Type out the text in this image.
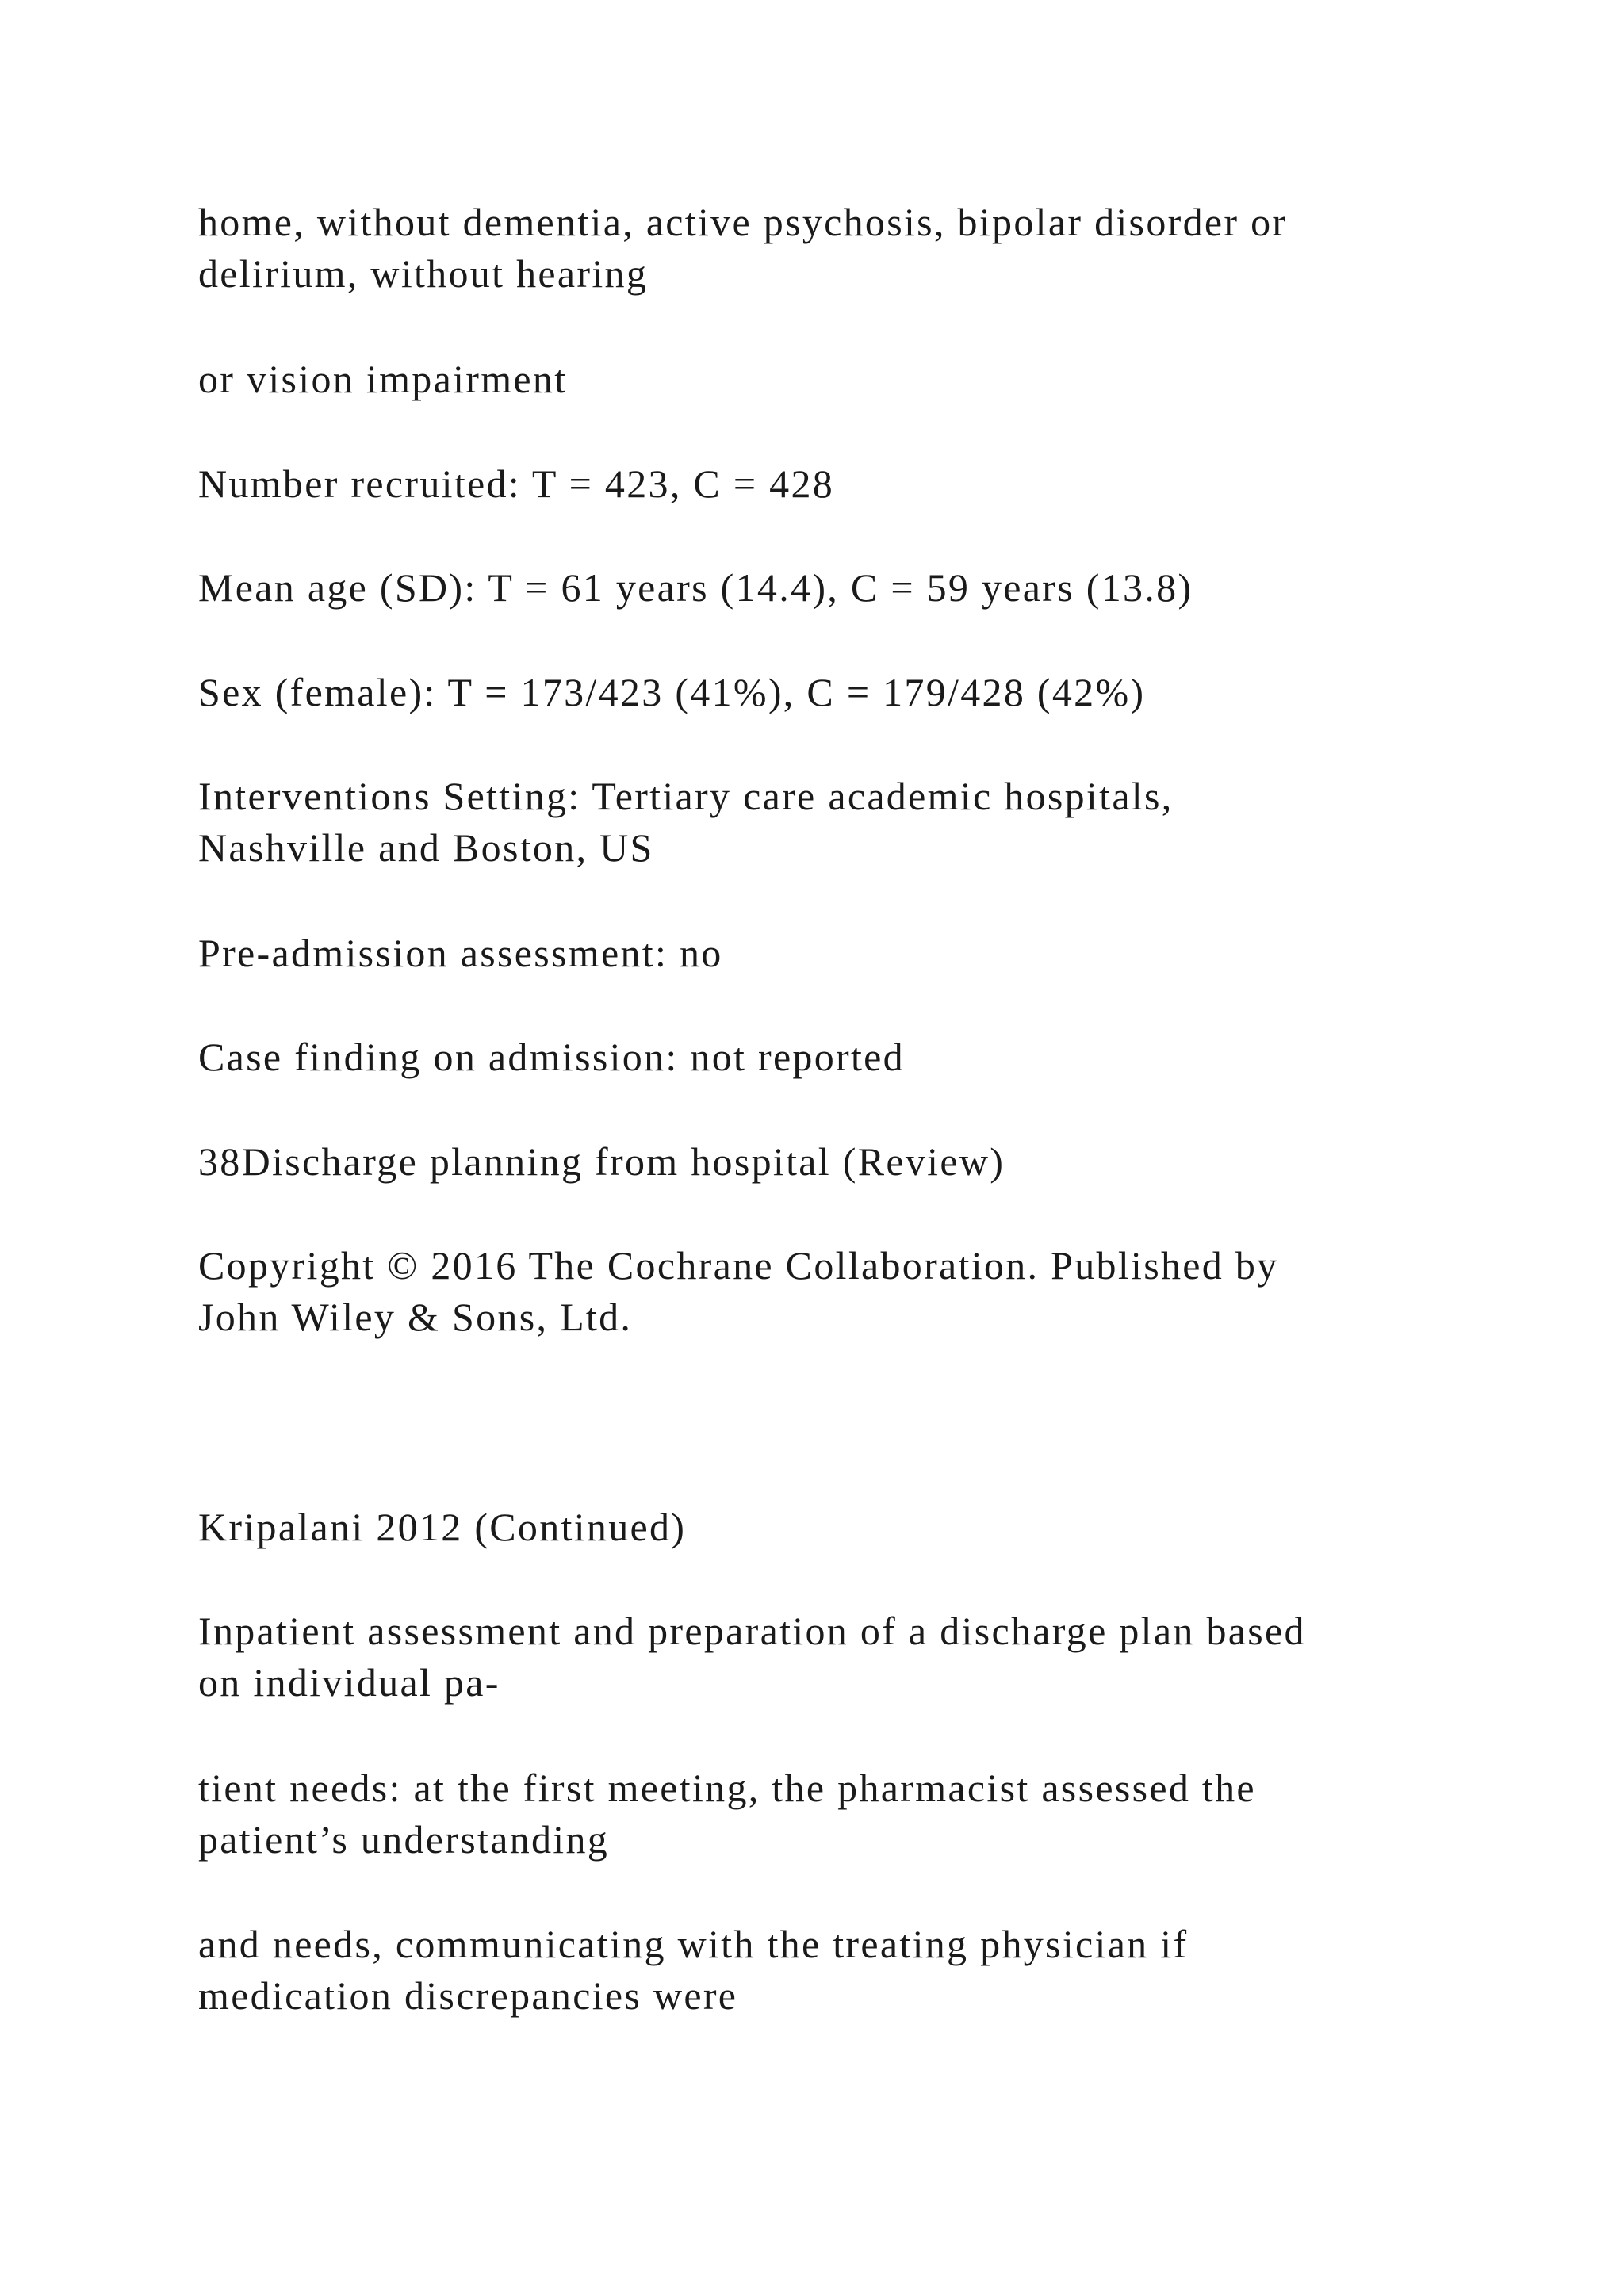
home, without dementia, active psychosis, bipolar disorder or
delirium, without hearing

or vision impairment

Number recruited: T = 423, C = 428

Mean age (SD): T = 61 years (14.4), C = 59 years (13.8)

Sex (female): T = 173/423 (41%), C = 179/428 (42%)

Interventions Setting: Tertiary care academic hospitals,
Nashville and Boston, US

Pre-admission assessment: no

Case finding on admission: not reported

38Discharge planning from hospital (Review)

Copyright © 2016 The Cochrane Collaboration. Published by
John Wiley & Sons, Ltd.

Kripalani 2012 (Continued)

Inpatient assessment and preparation of a discharge plan based
on individual pa-

tient needs: at the first meeting, the pharmacist assessed the
patient’s understanding

and needs, communicating with the treating physician if
medication discrepancies were
